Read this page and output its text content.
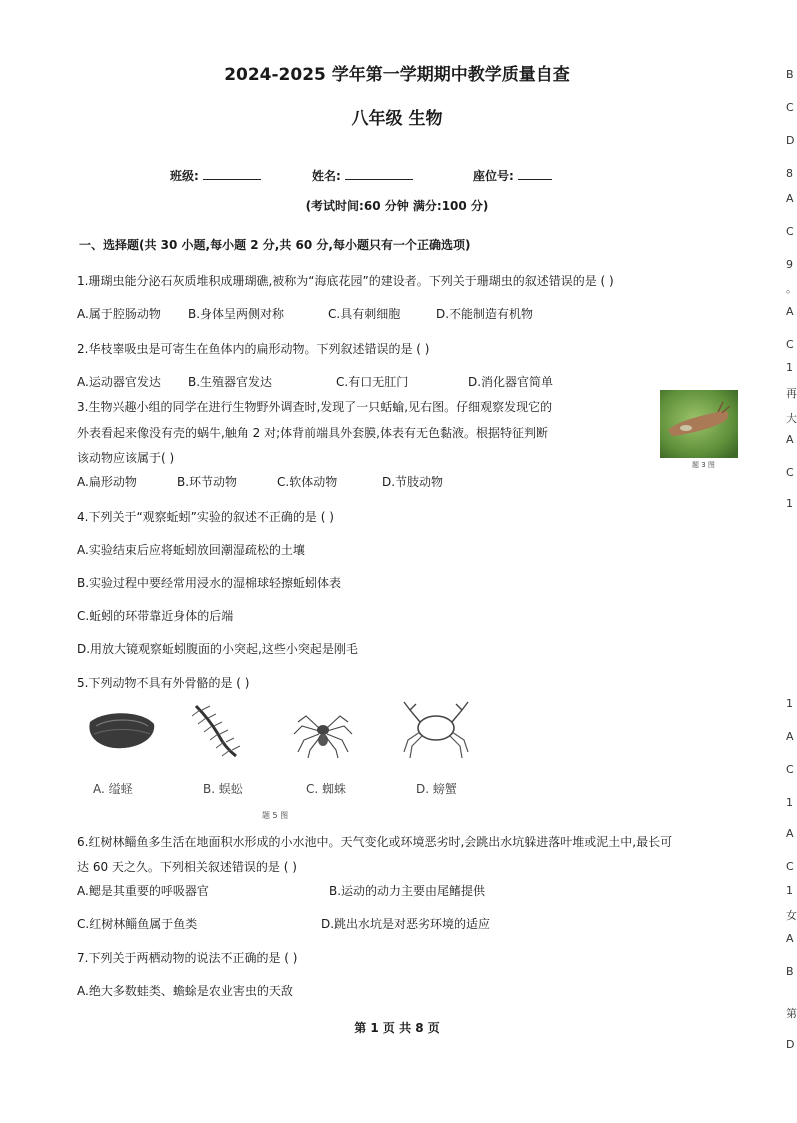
2024-2025 学年第一学期期中教学质量自查
八年级 生物
班级:	姓名:	座位号:
(考试时间:60 分钟 满分:100 分)
一、选择题(共 30 小题,每小题 2 分,共 60 分,每小题只有一个正确选项)
1.珊瑚虫能分泌石灰质堆积成珊瑚礁,被称为“海底花园”的建设者。下列关于珊瑚虫的叙述错误的是 ( )
A.属于腔肠动物 B.身体呈两侧对称	C.具有刺细胞	D.不能制造有机物
2.华枝睾吸虫是可寄生在鱼体内的扁形动物。下列叙述错误的是 ( )
A.运动器官发达 B.生殖器官发达	C.有口无肛门	D.消化器官简单
3.生物兴趣小组的同学在进行生物野外调查时,发现了一只蛞蝓,见右图。仔细观察发现它的
外表看起来像没有壳的蜗牛,触角 2 对;体背前端具外套膜,体表有无色黏液。根据特征判断
该动物应该属于( )
A.扁形动物	B.环节动物	C.软体动物	D.节肢动物
题 3 图
4.下列关于“观察蚯蚓”实验的叙述不正确的是 ( )
A.实验结束后应将蚯蚓放回潮湿疏松的土壤
B.实验过程中要经常用浸水的湿棉球轻擦蚯蚓体表
C.蚯蚓的环带靠近身体的后端
D.用放大镜观察蚯蚓腹面的小突起,这些小突起是刚毛
5.下列动物不具有外骨骼的是 ( )
A. 缢蛏	B. 蜈蚣	C. 蜘蛛	D. 螃蟹
题 5 图
6.红树林鲻鱼多生活在地面积水形成的小水池中。天气变化或环境恶劣时,会跳出水坑躲进落叶堆或泥土中,最长可
达 60 天之久。下列相关叙述错误的是 ( )
A.鳃是其重要的呼吸器官	B.运动的动力主要由尾鳍提供
C.红树林鲻鱼属于鱼类	D.跳出水坑是对恶劣环境的适应
7.下列关于两栖动物的说法不正确的是 ( )
A.绝大多数蛙类、蟾蜍是农业害虫的天敌
第 1 页 共 8 页
B
C
D
8
A
C
9
。
A
C
1
再
大
A
C
1
1
A
C
1
A
C
1
女
A
B
第
D
